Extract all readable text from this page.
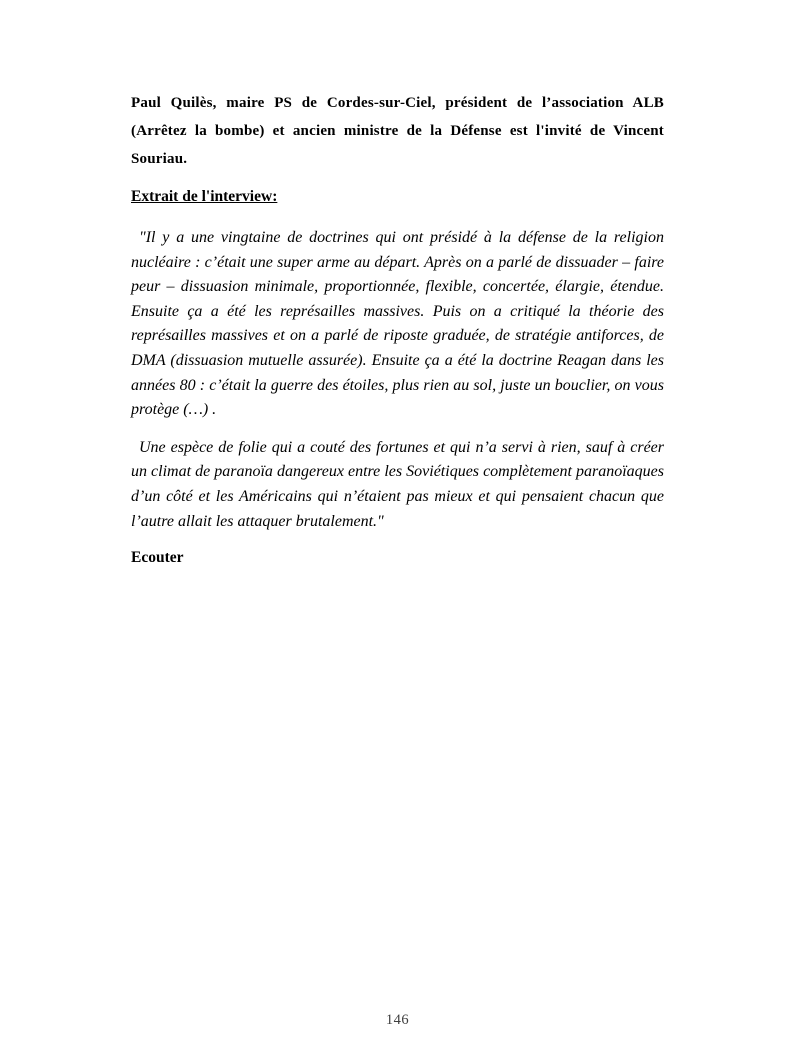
Paul Quilès, maire PS de Cordes-sur-Ciel, président de l’association ALB (Arrêtez la bombe) et ancien ministre de la Défense est l'invité de Vincent Souriau.

Extrait de l'interview:

"Il y a une vingtaine de doctrines qui ont présidé à la défense de la religion nucléaire : c’était une super arme au départ. Après on a parlé de dissuader – faire peur – dissuasion minimale, proportionnée, flexible, concertée, élargie, étendue. Ensuite ça a été les représailles massives. Puis on a critiqué la théorie des représailles massives et on a parlé de riposte graduée, de stratégie antiforces, de DMA (dissuasion mutuelle assurée). Ensuite ça a été la doctrine Reagan dans les années 80 : c’était la guerre des étoiles, plus rien au sol, juste un bouclier, on vous protège (…) .

Une espèce de folie qui a couté des fortunes et qui n’a servi à rien, sauf à créer un climat de paranoïa dangereux entre les Soviétiques complètement paranoïaques d’un côté et les Américains qui n’étaient pas mieux et qui pensaient chacun que l’autre allait les attaquer brutalement."

Ecouter

146
